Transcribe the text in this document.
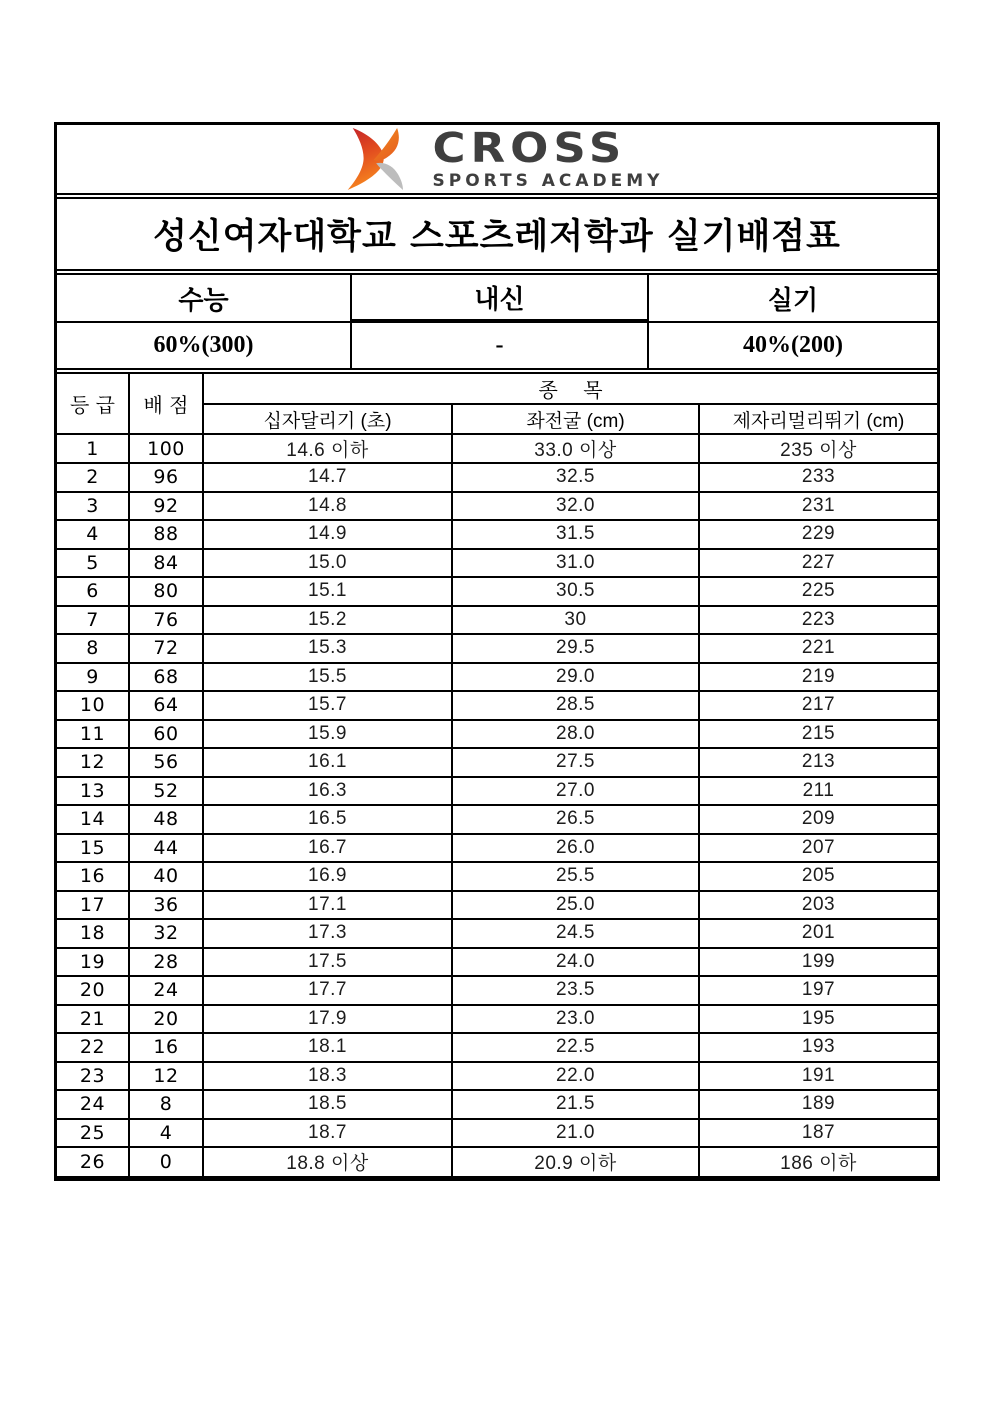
CROSS
SPORTS ACADEMY
성신여자대학교 스포츠레저학과 실기배점표
수능	내신	실기
60%(300)	-	40%(200)
등 급	배 점	종    목		
		십자달리기 (초)	좌전굴 (cm)	제자리멀리뛰기 (cm)
1	100	14.6 이하	33.0 이상	235 이상
2	96	14.7	32.5	233
3	92	14.8	32.0	231
4	88	14.9	31.5	229
5	84	15.0	31.0	227
6	80	15.1	30.5	225
7	76	15.2	30	223
8	72	15.3	29.5	221
9	68	15.5	29.0	219
10	64	15.7	28.5	217
11	60	15.9	28.0	215
12	56	16.1	27.5	213
13	52	16.3	27.0	211
14	48	16.5	26.5	209
15	44	16.7	26.0	207
16	40	16.9	25.5	205
17	36	17.1	25.0	203
18	32	17.3	24.5	201
19	28	17.5	24.0	199
20	24	17.7	23.5	197
21	20	17.9	23.0	195
22	16	18.1	22.5	193
23	12	18.3	22.0	191
24	8	18.5	21.5	189
25	4	18.7	21.0	187
26	0	18.8 이상	20.9 이하	186 이하
